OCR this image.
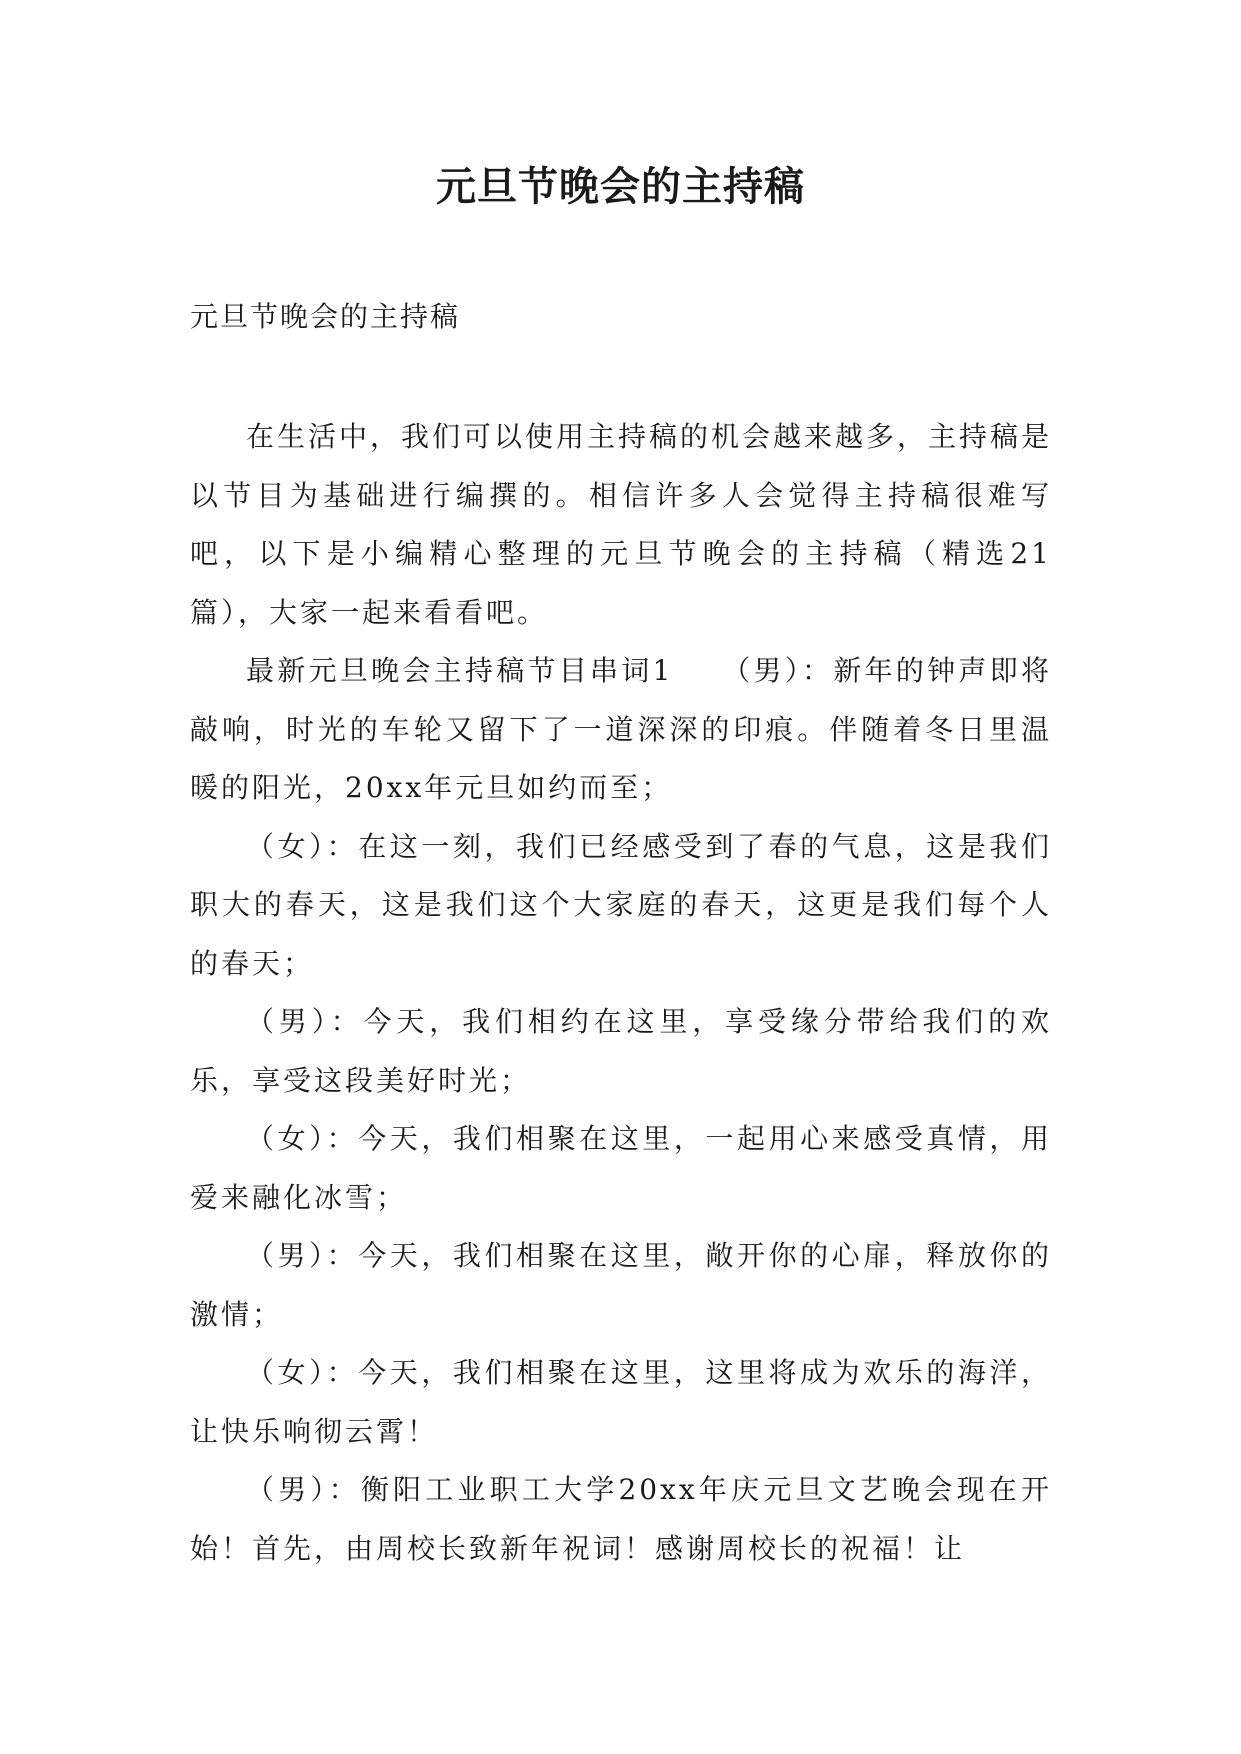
元旦节晚会的主持稿

元旦节晚会的主持稿

在生活中，我们可以使用主持稿的机会越来越多，主持稿是以节目为基础进行编撰的。相信许多人会觉得主持稿很难写吧，以下是小编精心整理的元旦节晚会的主持稿（精选21篇），大家一起来看看吧。

最新元旦晚会主持稿节目串词1　　（男）：新年的钟声即将敲响，时光的车轮又留下了一道深深的印痕。伴随着冬日里温暖的阳光，20xx年元旦如约而至；

（女）：在这一刻，我们已经感受到了春的气息，这是我们职大的春天，这是我们这个大家庭的春天，这更是我们每个人的春天；

（男）：今天，我们相约在这里，享受缘分带给我们的欢乐，享受这段美好时光；

（女）：今天，我们相聚在这里，一起用心来感受真情，用爱来融化冰雪；

（男）：今天，我们相聚在这里，敞开你的心扉，释放你的激情；

（女）：今天，我们相聚在这里，这里将成为欢乐的海洋，让快乐响彻云霄！

（男）：衡阳工业职工大学20xx年庆元旦文艺晚会现在开始！首先，由周校长致新年祝词！感谢周校长的祝福！让
